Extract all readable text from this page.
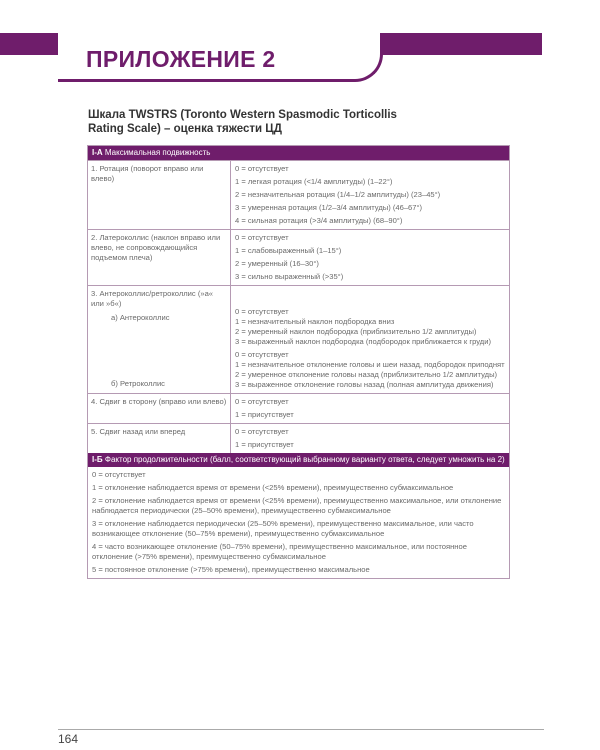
ПРИЛОЖЕНИЕ 2
Шкала TWSTRS (Toronto Western Spasmodic Torticollis Rating Scale) – оценка тяжести ЦД
I-А Максимальная подвижность
1. Ротация (поворот вправо или влево)
0 = отсутствует
1 = легкая ротация (<1/4 амплитуды) (1–22°)
2 = незначительная ротация (1/4–1/2 амплитуды) (23–45°)
3 = умеренная ротация (1/2–3/4 амплитуды) (46–67°)
4 = сильная ротация (>3/4 амплитуды) (68–90°)
2. Латероколлис (наклон вправо или влево, не сопровождающийся подъемом плеча)
0 = отсутствует
1 = слабовыраженный (1–15°)
2 = умеренный (16–30°)
3 = сильно выраженный (>35°)
3. Антероколлис/ретроколлис (»а« или »б«)
а) Антероколлис
б) Ретроколлис
0 = отсутствует
1 = незначительный наклон подбородка вниз
2 = умеренный наклон подбородка (приблизительно 1/2 амплитуды)
3 = выраженный наклон подбородка (подбородок приближается к груди)
0 = отсутствует
1 = незначительное отклонение головы и шеи назад, подбородок приподнят
2 = умеренное отклонение головы назад (приблизительно 1/2 амплитуды)
3 = выраженное отклонение головы назад (полная амплитуда движения)
4. Сдвиг в сторону (вправо или влево)	0 = отсутствует
1 = присутствует
5. Сдвиг назад или вперед	0 = отсутствует
1 = присутствует
I-Б Фактор продолжительности (балл, соответствующий выбранному варианту ответа, следует умножить на 2)
0 = отсутствует
1 = отклонение наблюдается время от времени (<25% времени), преимущественно субмаксимальное
2 = отклонение наблюдается время от времени (<25% времени), преимущественно максимальное, или отклонение наблюдается периодически (25–50% времени), преимущественно субмаксимальное
3 = отклонение наблюдается периодически (25–50% времени), преимущественно максимальное, или часто возникающее отклонение (50–75% времени), преимущественно субмаксимальное
4 = часто возникающее отклонение (50–75% времени), преимущественно максимальное, или постоянное отклонение (>75% времени), преимущественно субмаксимальное
5 = постоянное отклонение (>75% времени), преимущественно максимальное
164
